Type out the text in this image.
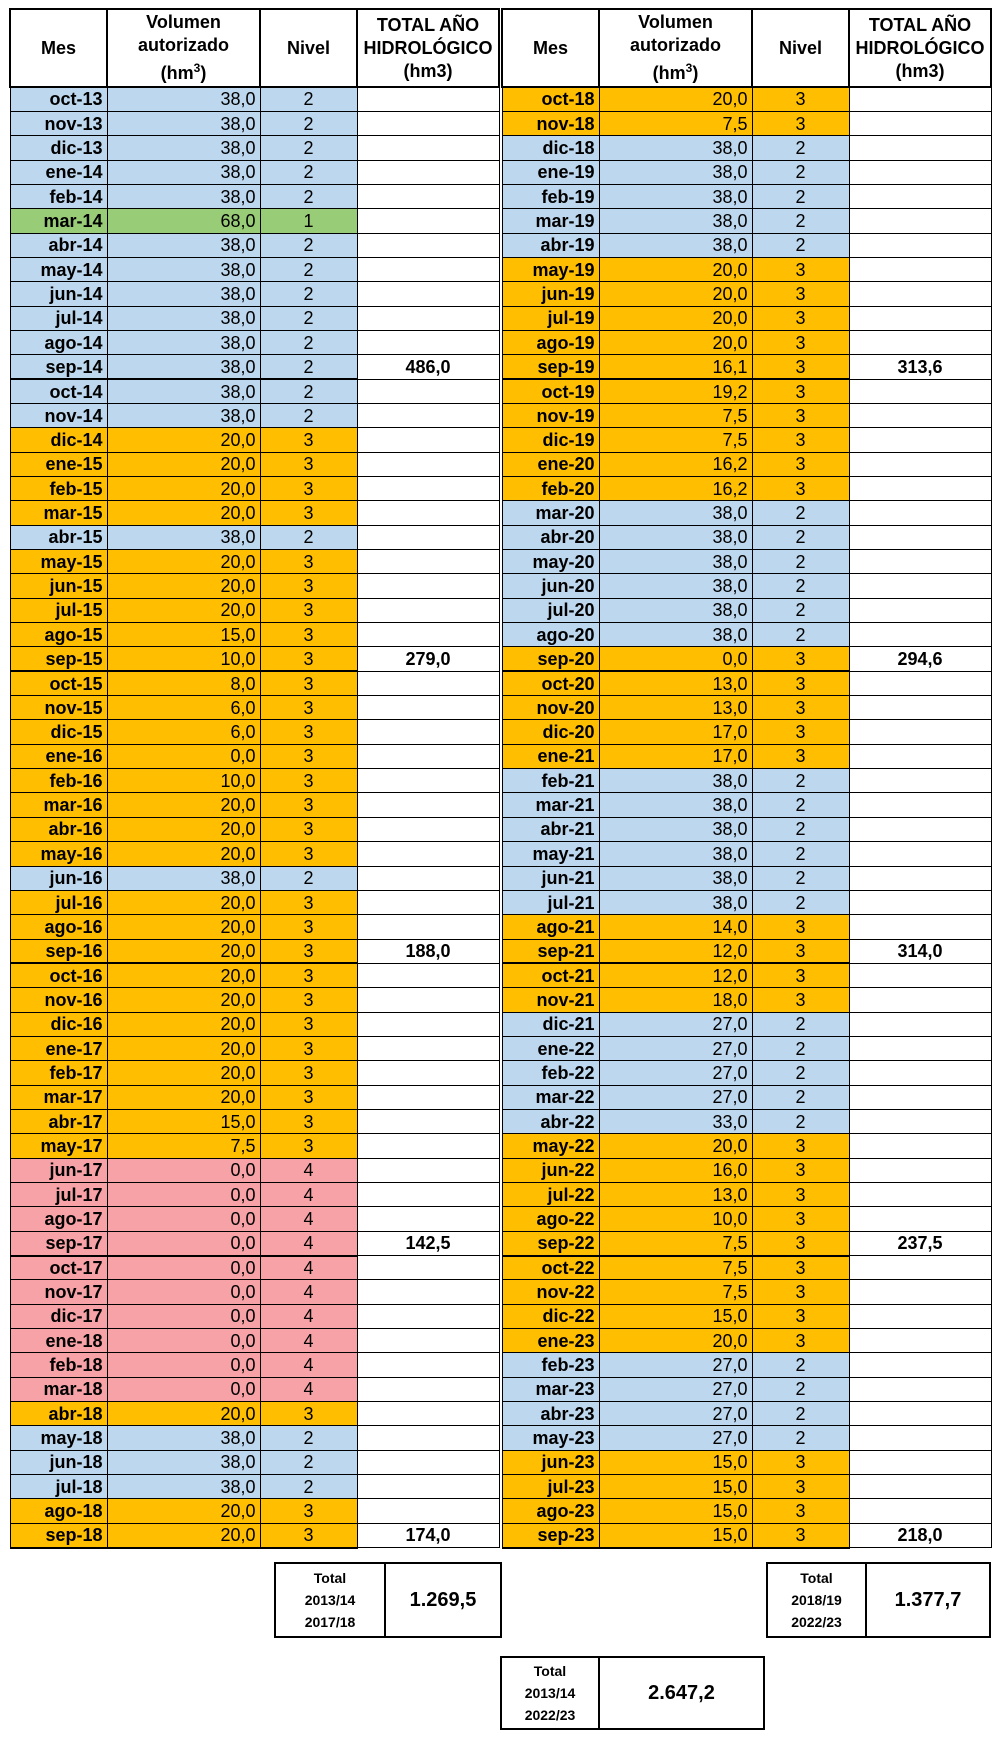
Mes	Volumen
autorizado
$(hm^3)$	Nivel	TOTAL AÑO
HIDROLÓGICO
(hm3)
oct-13	38,0	2	
nov-13	38,0	2	
dic-13	38,0	2	
ene-14	38,0	2	
feb-14	38,0	2	
mar-14	68,0	1	
abr-14	38,0	2	
may-14	38,0	2	
jun-14	38,0	2	
jul-14	38,0	2	
ago-14	38,0	2	
sep-14	38,0	2	486,0
oct-14	38,0	2	
nov-14	38,0	2	
dic-14	20,0	3	
ene-15	20,0	3	
feb-15	20,0	3	
mar-15	20,0	3	
abr-15	38,0	2	
may-15	20,0	3	
jun-15	20,0	3	
jul-15	20,0	3	
ago-15	15,0	3	
sep-15	10,0	3	279,0
oct-15	8,0	3	
nov-15	6,0	3	
dic-15	6,0	3	
ene-16	0,0	3	
feb-16	10,0	3	
mar-16	20,0	3	
abr-16	20,0	3	
may-16	20,0	3	
jun-16	38,0	2	
jul-16	20,0	3	
ago-16	20,0	3	
sep-16	20,0	3	188,0
oct-16	20,0	3	
nov-16	20,0	3	
dic-16	20,0	3	
ene-17	20,0	3	
feb-17	20,0	3	
mar-17	20,0	3	
abr-17	15,0	3	
may-17	7,5	3	
jun-17	0,0	4	
jul-17	0,0	4	
ago-17	0,0	4	
sep-17	0,0	4	142,5
oct-17	0,0	4	
nov-17	0,0	4	
dic-17	0,0	4	
ene-18	0,0	4	
feb-18	0,0	4	
mar-18	0,0	4	
abr-18	20,0	3	
may-18	38,0	2	
jun-18	38,0	2	
jul-18	38,0	2	
ago-18	20,0	3	
sep-18	20,0	3	174,0
Mes	Volumen
autorizado
$(hm^3)$	Nivel	TOTAL AÑO
HIDROLÓGICO
(hm3)
oct-18	20,0	3	
nov-18	7,5	3	
dic-18	38,0	2	
ene-19	38,0	2	
feb-19	38,0	2	
mar-19	38,0	2	
abr-19	38,0	2	
may-19	20,0	3	
jun-19	20,0	3	
jul-19	20,0	3	
ago-19	20,0	3	
sep-19	16,1	3	313,6
oct-19	19,2	3	
nov-19	7,5	3	
dic-19	7,5	3	
ene-20	16,2	3	
feb-20	16,2	3	
mar-20	38,0	2	
abr-20	38,0	2	
may-20	38,0	2	
jun-20	38,0	2	
jul-20	38,0	2	
ago-20	38,0	2	
sep-20	0,0	3	294,6
oct-20	13,0	3	
nov-20	13,0	3	
dic-20	17,0	3	
ene-21	17,0	3	
feb-21	38,0	2	
mar-21	38,0	2	
abr-21	38,0	2	
may-21	38,0	2	
jun-21	38,0	2	
jul-21	38,0	2	
ago-21	14,0	3	
sep-21	12,0	3	314,0
oct-21	12,0	3	
nov-21	18,0	3	
dic-21	27,0	2	
ene-22	27,0	2	
feb-22	27,0	2	
mar-22	27,0	2	
abr-22	33,0	2	
may-22	20,0	3	
jun-22	16,0	3	
jul-22	13,0	3	
ago-22	10,0	3	
sep-22	7,5	3	237,5
oct-22	7,5	3	
nov-22	7,5	3	
dic-22	15,0	3	
ene-23	20,0	3	
feb-23	27,0	2	
mar-23	27,0	2	
abr-23	27,0	2	
may-23	27,0	2	
jun-23	15,0	3	
jul-23	15,0	3	
ago-23	15,0	3	
sep-23	15,0	3	218,0
Total
2013/14
2017/18
1.269,5
Total
2018/19
2022/23
1.377,7
Total
2013/14
2022/23
2.647,2
